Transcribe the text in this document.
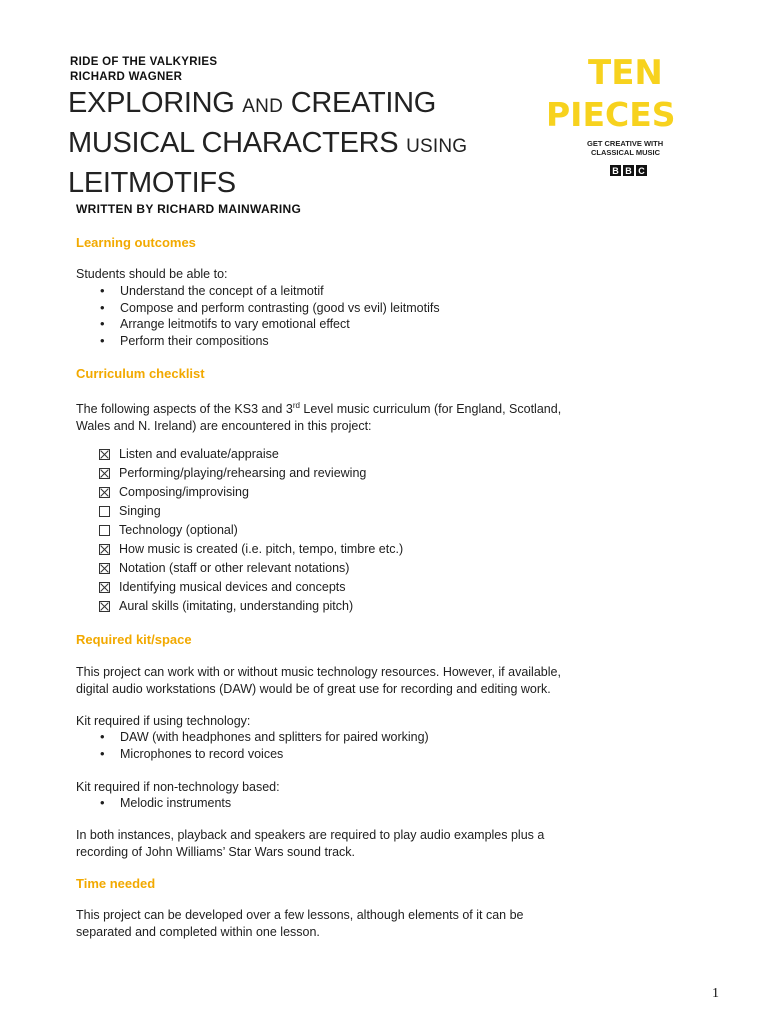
RIDE OF THE VALKYRIES
RICHARD WAGNER
EXPLORING AND CREATING
MUSICAL CHARACTERS USING
LEITMOTIFS
TEN
PIECES
GET CREATIVE WITH
CLASSICAL MUSIC
B B C
WRITTEN BY RICHARD MAINWARING
Learning outcomes
Students should be able to:
• Understand the concept of a leitmotif
• Compose and perform contrasting (good vs evil) leitmotifs
• Arrange leitmotifs to vary emotional effect
• Perform their compositions
Curriculum checklist
The following aspects of the KS3 and 3rd Level music curriculum (for England, Scotland,
Wales and N. Ireland) are encountered in this project:
Listen and evaluate/appraise
Performing/playing/rehearsing and reviewing
Composing/improvising
Singing
Technology (optional)
How music is created (i.e. pitch, tempo, timbre etc.)
Notation (staff or other relevant notations)
Identifying musical devices and concepts
Aural skills (imitating, understanding pitch)
Required kit/space
This project can work with or without music technology resources. However, if available,
digital audio workstations (DAW) would be of great use for recording and editing work.
Kit required if using technology:
• DAW (with headphones and splitters for paired working)
• Microphones to record voices
Kit required if non-technology based:
• Melodic instruments
In both instances, playback and speakers are required to play audio examples plus a
recording of John Williams’ Star Wars sound track.
Time needed
This project can be developed over a few lessons, although elements of it can be
separated and completed within one lesson.
1
